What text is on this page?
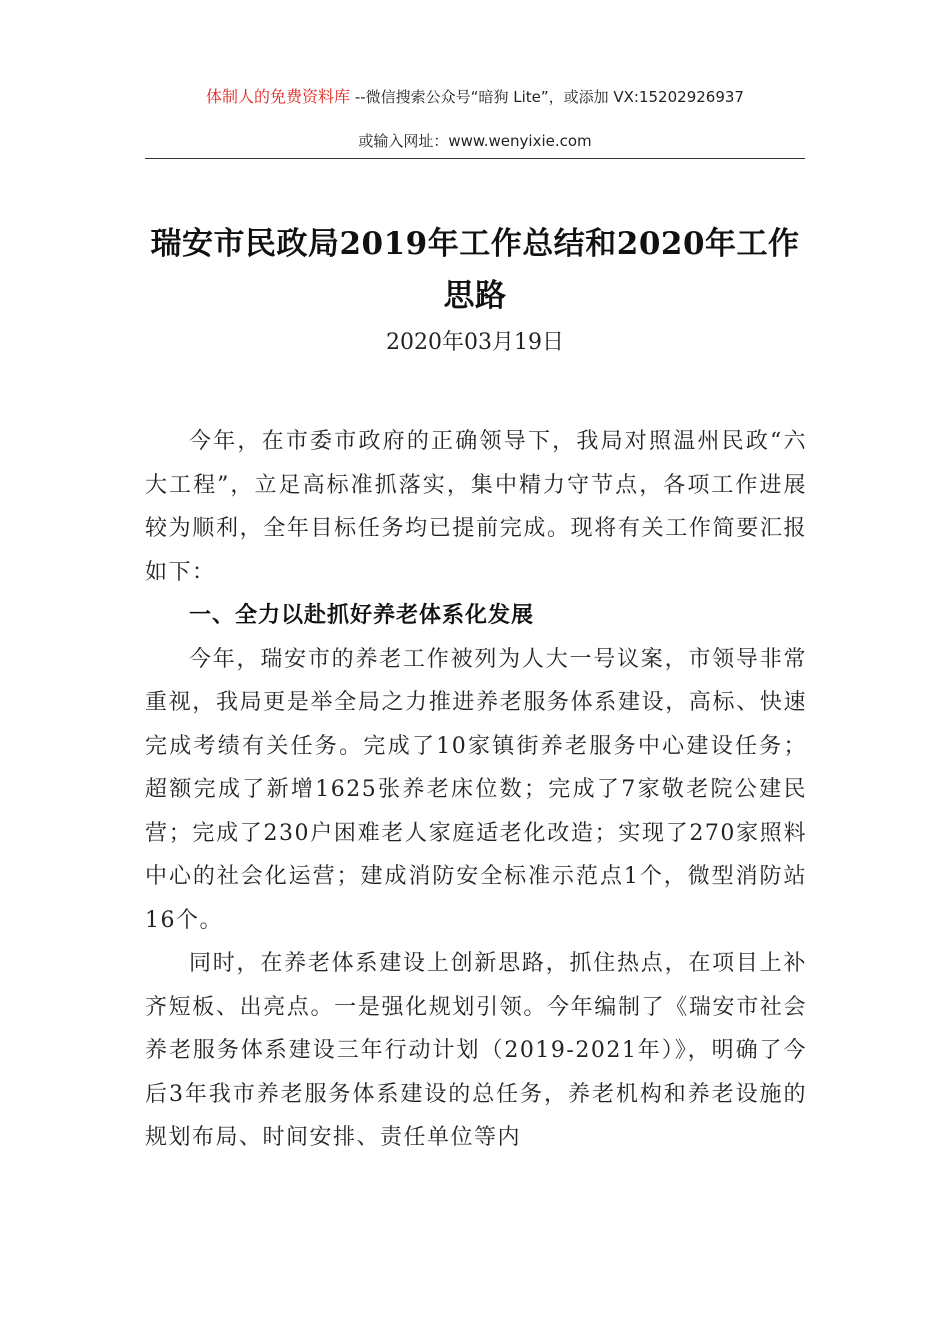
体制人的免费资料库 --微信搜索公众号“暗狗 Lite”，或添加 VX:15202926937
或输入网址：www.wenyixie.com
瑞安市民政局2019年工作总结和2020年工作思路
2020年03月19日

今年，在市委市政府的正确领导下，我局对照温州民政“六大工程”，立足高标准抓落实，集中精力守节点，各项工作进展较为顺利，全年目标任务均已提前完成。现将有关工作简要汇报如下：

一、全力以赴抓好养老体系化发展

今年，瑞安市的养老工作被列为人大一号议案，市领导非常重视，我局更是举全局之力推进养老服务体系建设，高标、快速完成考绩有关任务。完成了10家镇街养老服务中心建设任务；超额完成了新增1625张养老床位数；完成了7家敬老院公建民营；完成了230户困难老人家庭适老化改造；实现了270家照料中心的社会化运营；建成消防安全标准示范点1个，微型消防站16个。

同时，在养老体系建设上创新思路，抓住热点，在项目上补齐短板、出亮点。一是强化规划引领。今年编制了《瑞安市社会养老服务体系建设三年行动计划（2019-2021年）》，明确了今后3年我市养老服务体系建设的总任务，养老机构和养老设施的规划布局、时间安排、责任单位等内
